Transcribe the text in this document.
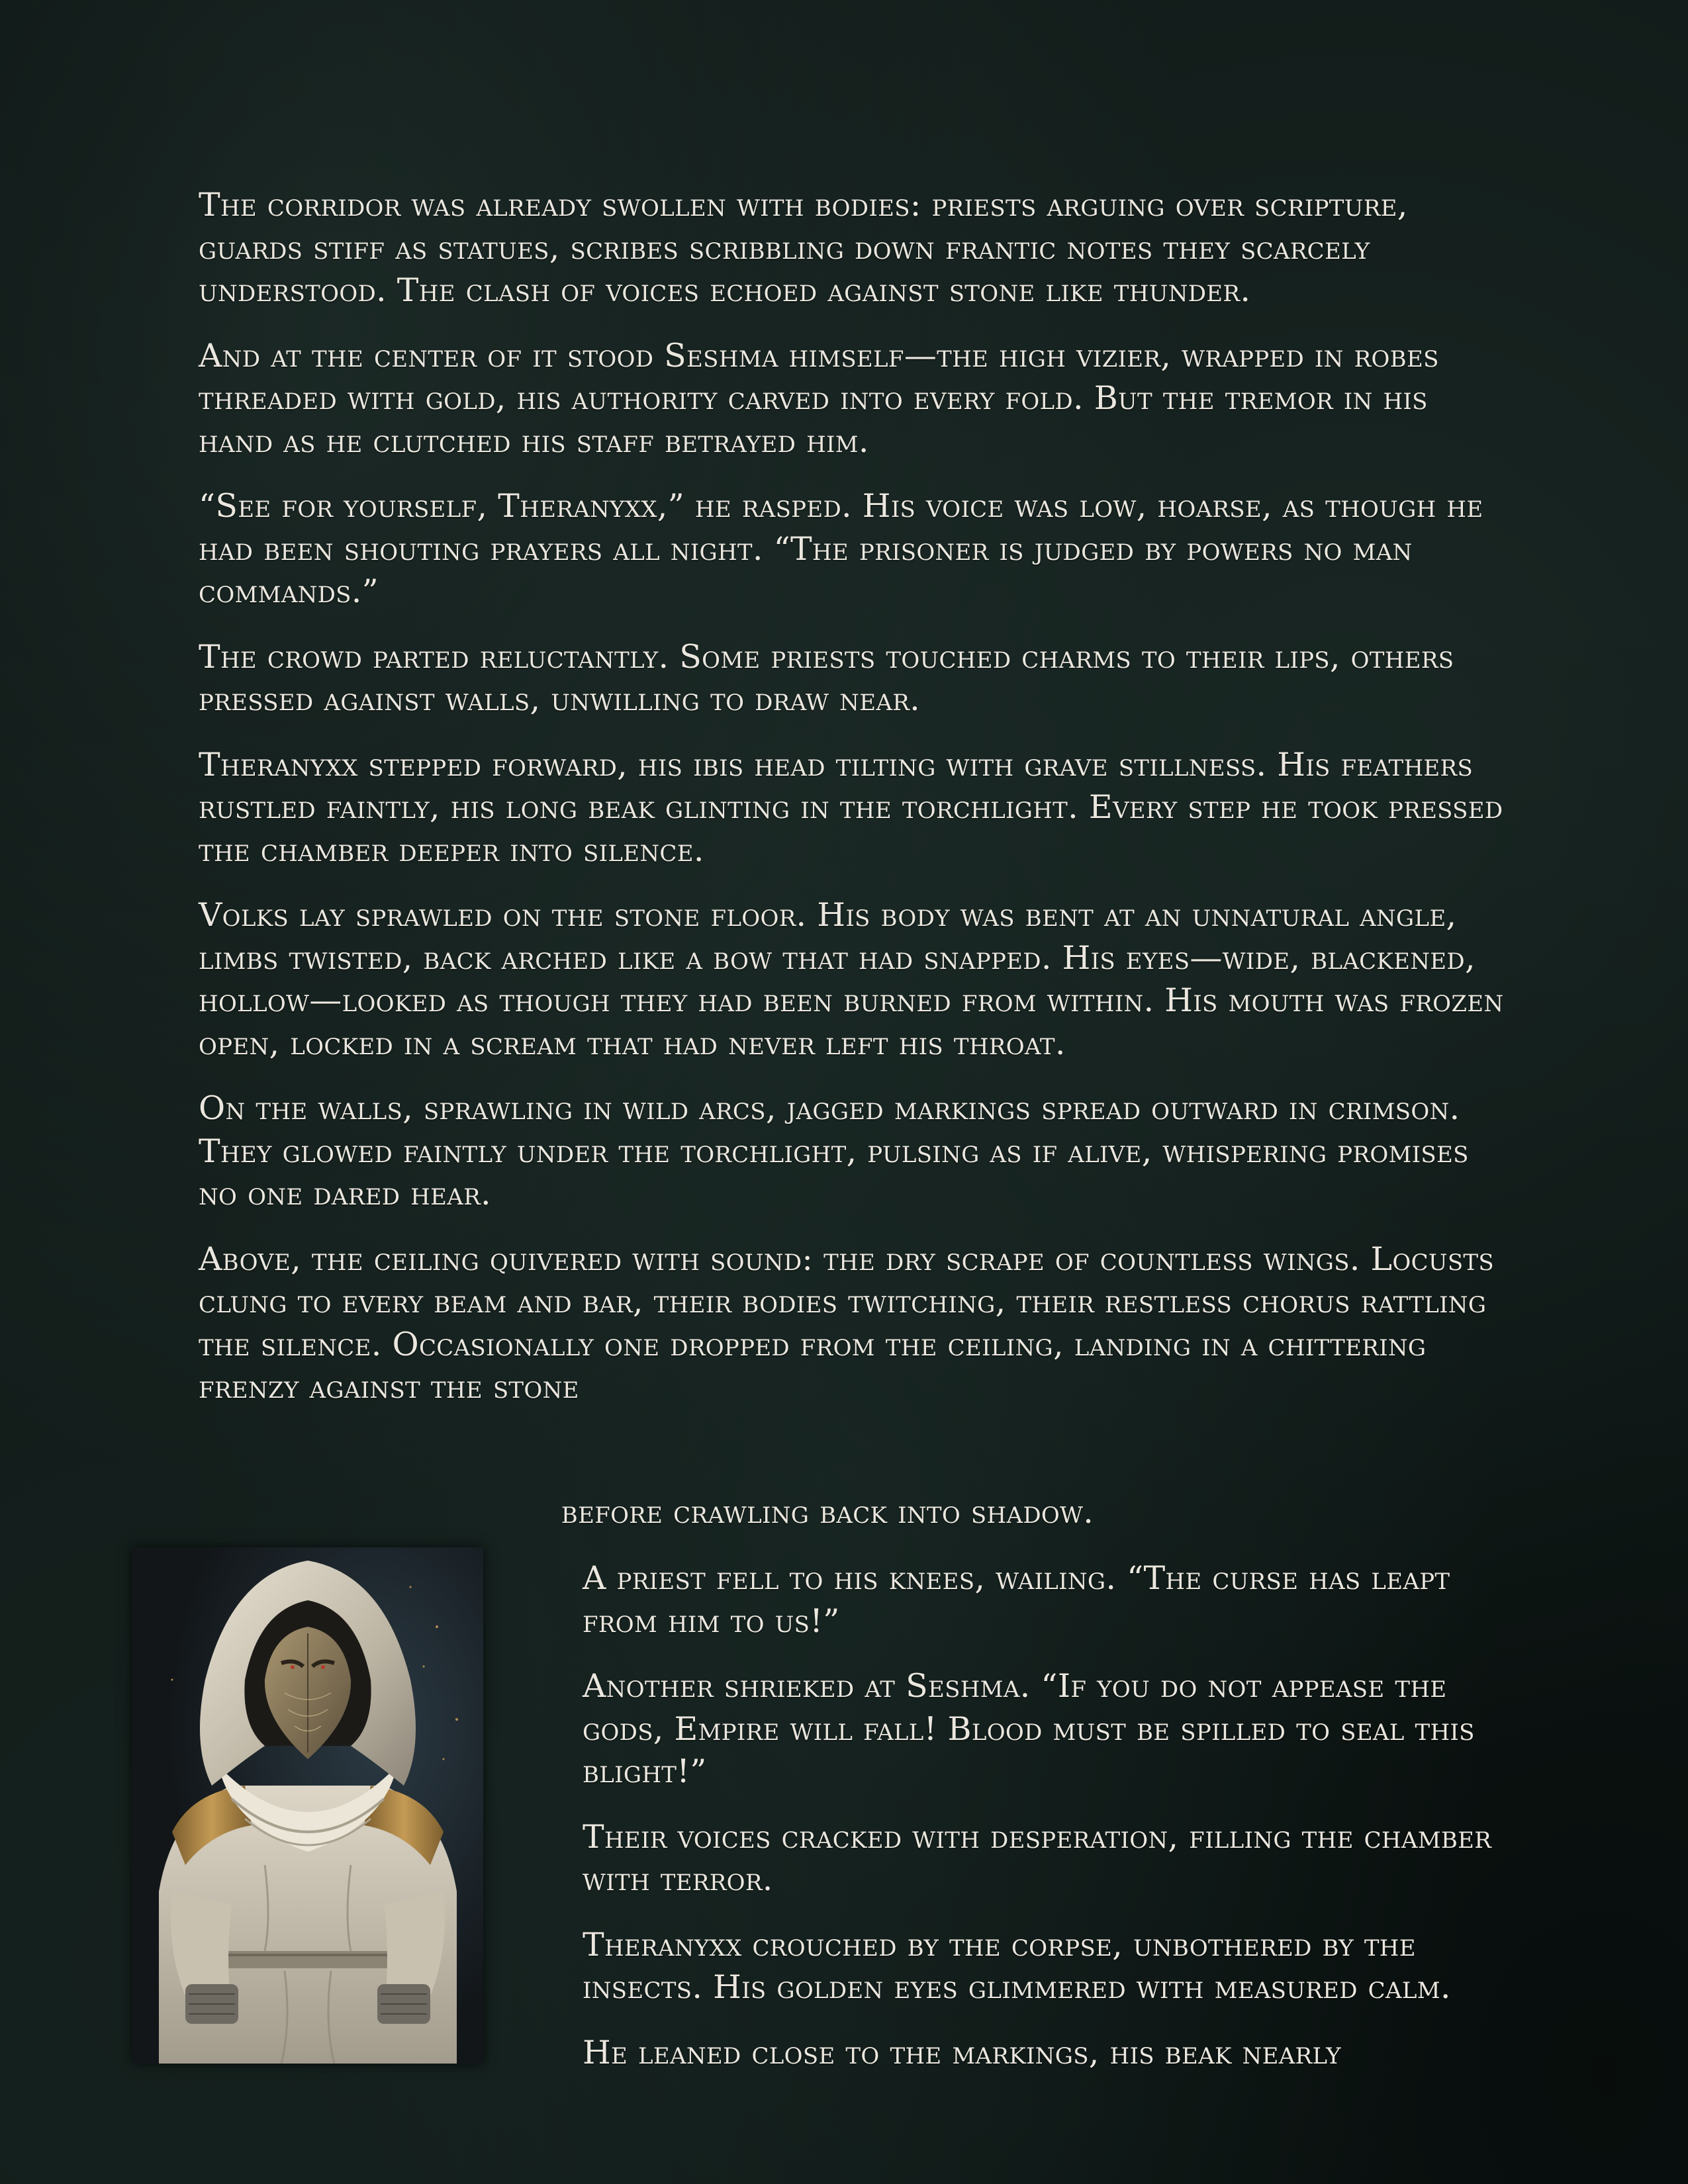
The corridor was already swollen with bodies: priests arguing over scripture, guards stiff as statues, scribes scribbling down frantic notes they scarcely understood. The clash of voices echoed against stone like thunder.

And at the center of it stood Seshma himself—the high vizier, wrapped in robes threaded with gold, his authority carved into every fold. But the tremor in his hand as he clutched his staff betrayed him.

“See for yourself, Theranyxx,” he rasped. His voice was low, hoarse, as though he had been shouting prayers all night. “The prisoner is judged by powers no man commands.”

The crowd parted reluctantly. Some priests touched charms to their lips, others pressed against walls, unwilling to draw near.

Theranyxx stepped forward, his ibis head tilting with grave stillness. His feathers rustled faintly, his long beak glinting in the torchlight. Every step he took pressed the chamber deeper into silence.

Volks lay sprawled on the stone floor. His body was bent at an unnatural angle, limbs twisted, back arched like a bow that had snapped. His eyes—wide, blackened, hollow—looked as though they had been burned from within. His mouth was frozen open, locked in a scream that had never left his throat.

On the walls, sprawling in wild arcs, jagged markings spread outward in crimson. They glowed faintly under the torchlight, pulsing as if alive, whispering promises no one dared hear.

Above, the ceiling quivered with sound: the dry scrape of countless wings. Locusts clung to every beam and bar, their bodies twitching, their restless chorus rattling the silence. Occasionally one dropped from the ceiling, landing in a chittering frenzy against the stone

before crawling back into shadow.

A priest fell to his knees, wailing. “The curse has leapt from him to us!”

Another shrieked at Seshma. “If you do not appease the gods, Empire will fall! Blood must be spilled to seal this blight!”

Their voices cracked with desperation, filling the chamber with terror.

Theranyxx crouched by the corpse, unbothered by the insects. His golden eyes glimmered with measured calm.

He leaned close to the markings, his beak nearly
